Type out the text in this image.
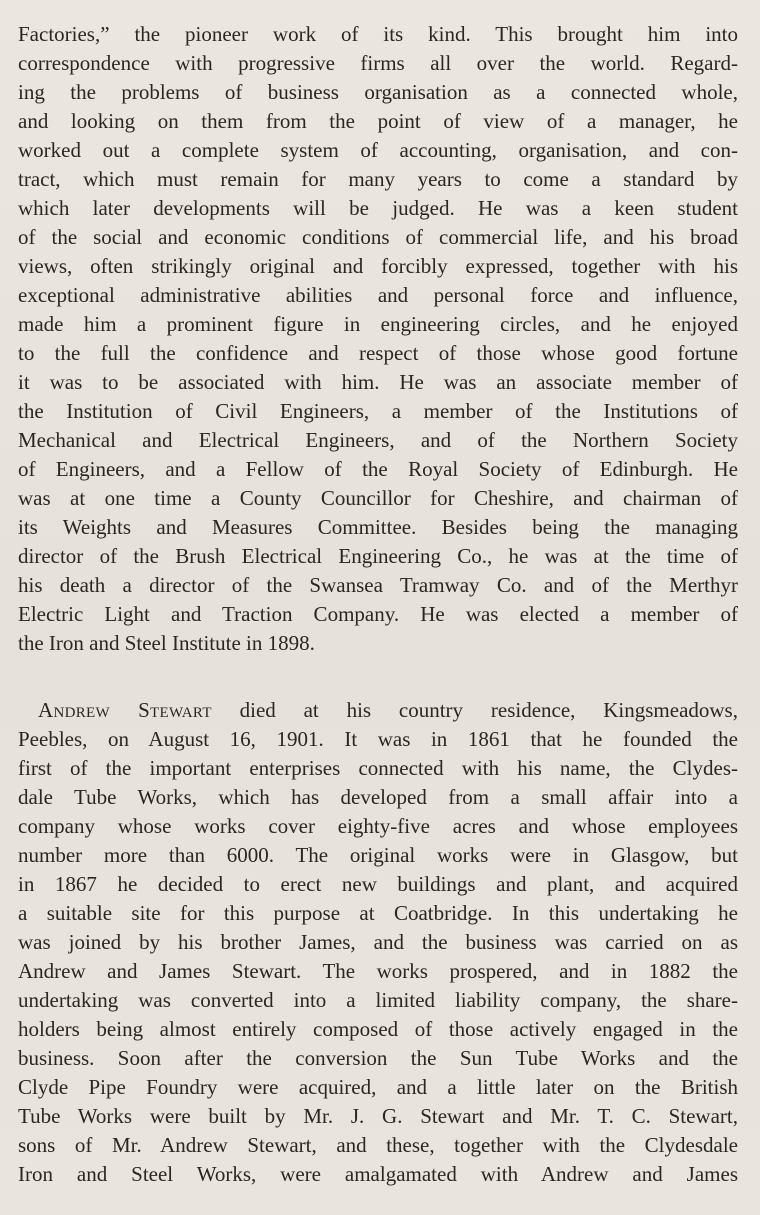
Factories,” the pioneer work of its kind. This brought him into
correspondence with progressive firms all over the world. Regard-
ing the problems of business organisation as a connected whole,
and looking on them from the point of view of a manager, he
worked out a complete system of accounting, organisation, and con-
tract, which must remain for many years to come a standard by
which later developments will be judged. He was a keen student
of the social and economic conditions of commercial life, and his broad
views, often strikingly original and forcibly expressed, together with his
exceptional administrative abilities and personal force and influence,
made him a prominent figure in engineering circles, and he enjoyed
to the full the confidence and respect of those whose good fortune
it was to be associated with him. He was an associate member of
the Institution of Civil Engineers, a member of the Institutions of
Mechanical and Electrical Engineers, and of the Northern Society
of Engineers, and a Fellow of the Royal Society of Edinburgh. He
was at one time a County Councillor for Cheshire, and chairman of
its Weights and Measures Committee. Besides being the managing
director of the Brush Electrical Engineering Co., he was at the time of
his death a director of the Swansea Tramway Co. and of the Merthyr
Electric Light and Traction Company. He was elected a member of
the Iron and Steel Institute in 1898.
Andrew Stewart died at his country residence, Kingsmeadows,
Peebles, on August 16, 1901. It was in 1861 that he founded the
first of the important enterprises connected with his name, the Clydes-
dale Tube Works, which has developed from a small affair into a
company whose works cover eighty-five acres and whose employees
number more than 6000. The original works were in Glasgow, but
in 1867 he decided to erect new buildings and plant, and acquired
a suitable site for this purpose at Coatbridge. In this undertaking he
was joined by his brother James, and the business was carried on as
Andrew and James Stewart. The works prospered, and in 1882 the
undertaking was converted into a limited liability company, the share-
holders being almost entirely composed of those actively engaged in the
business. Soon after the conversion the Sun Tube Works and the
Clyde Pipe Foundry were acquired, and a little later on the British
Tube Works were built by Mr. J. G. Stewart and Mr. T. C. Stewart,
sons of Mr. Andrew Stewart, and these, together with the Clydesdale
Iron and Steel Works, were amalgamated with Andrew and James
